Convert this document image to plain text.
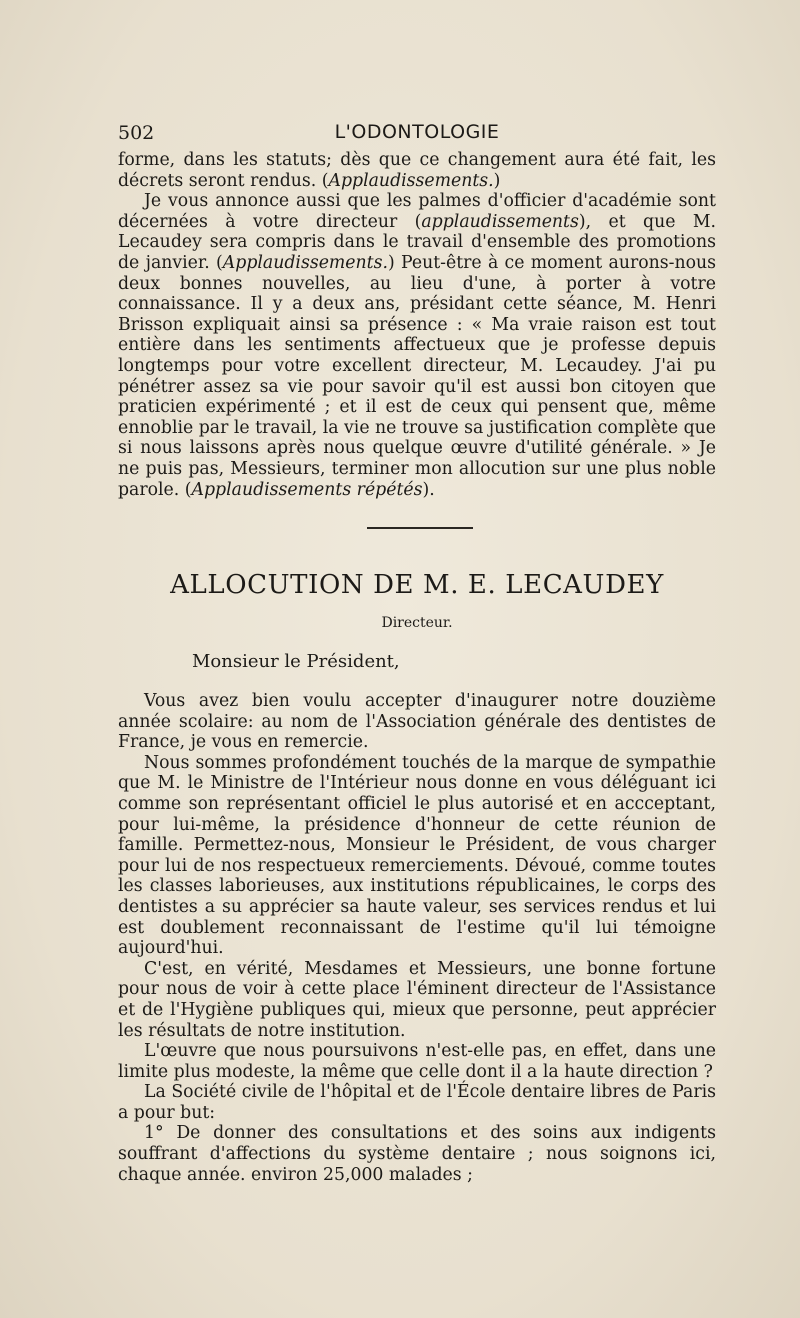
502	L'ODONTOLOGIE

forme, dans les statuts; dès que ce changement aura été fait, les décrets seront rendus. (Applaudissements.)

Je vous annonce aussi que les palmes d'officier d'académie sont décernées à votre directeur (applaudissements), et que M. Lecaudey sera compris dans le travail d'ensemble des promotions de janvier. (Applaudissements.) Peut-être à ce moment aurons-nous deux bonnes nouvelles, au lieu d'une, à porter à votre connaissance. Il y a deux ans, présidant cette séance, M. Henri Brisson expliquait ainsi sa présence : « Ma vraie raison est tout entière dans les sentiments affectueux que je professe depuis longtemps pour votre excellent directeur, M. Lecaudey. J'ai pu pénétrer assez sa vie pour savoir qu'il est aussi bon citoyen que praticien expérimenté ; et il est de ceux qui pensent que, même ennoblie par le travail, la vie ne trouve sa justification complète que si nous laissons après nous quelque œuvre d'utilité générale. » Je ne puis pas, Messieurs, terminer mon allocution sur une plus noble parole. (Applaudissements répétés).

ALLOCUTION DE M. E. LECAUDEY
Directeur.
Monsieur le Président,

Vous avez bien voulu accepter d'inaugurer notre douzième année scolaire: au nom de l'Association générale des dentistes de France, je vous en remercie.

Nous sommes profondément touchés de la marque de sympathie que M. le Ministre de l'Intérieur nous donne en vous déléguant ici comme son représentant officiel le plus autorisé et en accceptant, pour lui-même, la présidence d'honneur de cette réunion de famille. Permettez-nous, Monsieur le Président, de vous charger pour lui de nos respectueux remerciements. Dévoué, comme toutes les classes laborieuses, aux institutions républicaines, le corps des dentistes a su apprécier sa haute valeur, ses services rendus et lui est doublement reconnaissant de l'estime qu'il lui témoigne aujourd'hui.

C'est, en vérité, Mesdames et Messieurs, une bonne fortune pour nous de voir à cette place l'éminent directeur de l'Assistance et de l'Hygiène publiques qui, mieux que personne, peut apprécier les résultats de notre institution.

L'œuvre que nous poursuivons n'est-elle pas, en effet, dans une limite plus modeste, la même que celle dont il a la haute direction ?

La Société civile de l'hôpital et de l'École dentaire libres de Paris a pour but:

1° De donner des consultations et des soins aux indigents souffrant d'affections du système dentaire ; nous soignons ici, chaque année. environ 25,000 malades ;
